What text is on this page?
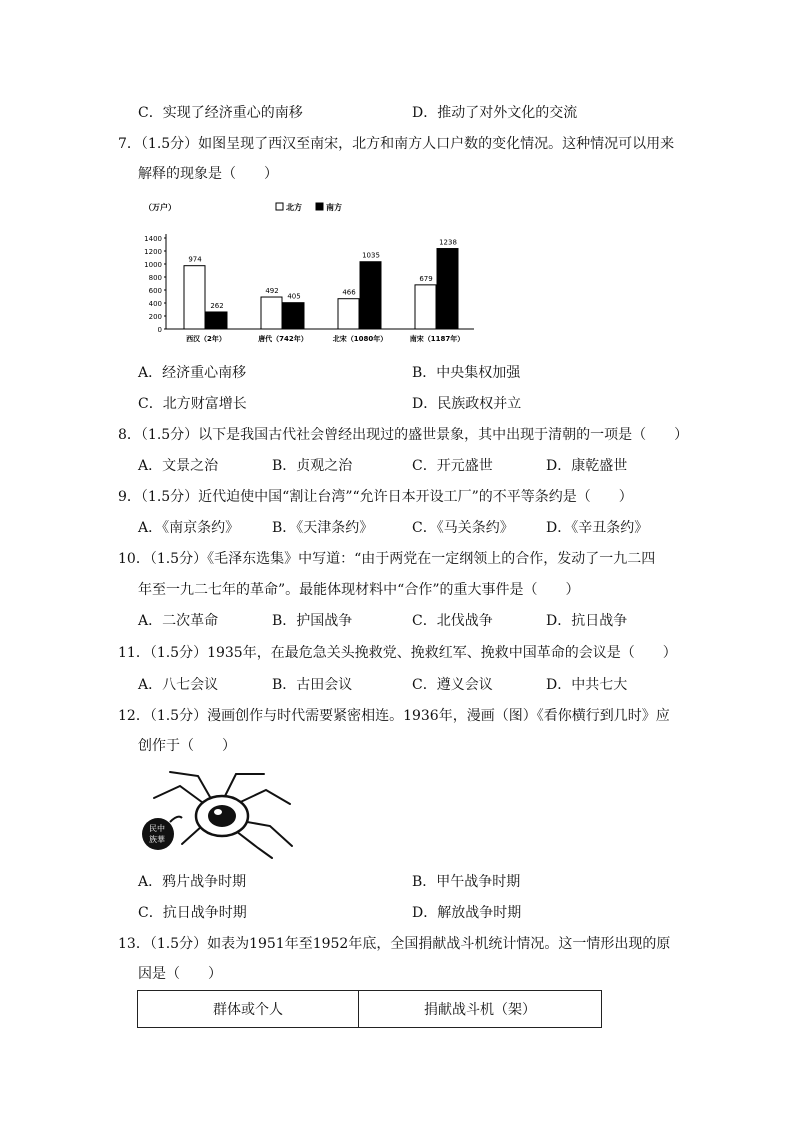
C．实现了经济重心的南移	D．推动了对外文化的交流
7．（1.5分）如图呈现了西汉至南宋，北方和南方人口户数的变化情况。这种情况可以用来
解释的现象是（　　）
（万户）	北方	南方
0
200
400
600
800
1000
1200
1400
974
262
西汉（2年）
492
405
唐代（742年）
466
1035
北宋（1080年）
679
1238
南宋（1187年）
A．经济重心南移	B．中央集权加强
C．北方财富增长	D．民族政权并立
8．（1.5分）以下是我国古代社会曾经出现过的盛世景象，其中出现于清朝的一项是（　　）
A．文景之治	B．贞观之治	C．开元盛世	D．康乾盛世
9．（1.5分）近代迫使中国“割让台湾”“允许日本开设工厂”的不平等条约是（　　）
A．《南京条约》 B．《天津条约》	C．《马关条约》 D．《辛丑条约》
10．（1.5分）《毛泽东选集》中写道：“由于两党在一定纲领上的合作，发动了一九二四
年至一九二七年的革命”。最能体现材料中“合作”的重大事件是（　　）
A．二次革命	B．护国战争	C．北伐战争	D．抗日战争
11．（1.5分）1935年，在最危急关头挽救党、挽救红军、挽救中国革命的会议是（　　）
A．八七会议	B．古田会议	C．遵义会议	D．中共七大
12．（1.5分）漫画创作与时代需要紧密相连。1936年，漫画（图）《看你横行到几时》应
创作于（　　）
民中
族華
A．鸦片战争时期	B．甲午战争时期
C．抗日战争时期	D．解放战争时期
13．（1.5分）如表为1951年至1952年底，全国捐献战斗机统计情况。这一情形出现的原
因是（　　）
群体或个人	捐献战斗机（架）
